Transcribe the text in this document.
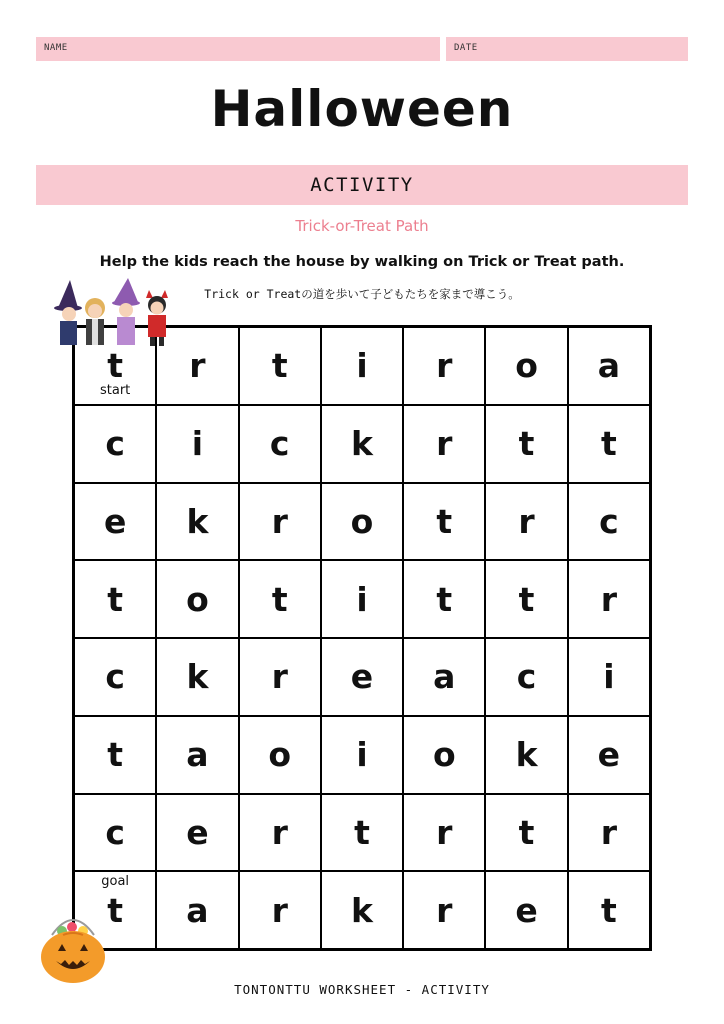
NAME	DATE
Halloween
ACTIVITY
Trick-or-Treat Path
Help the kids reach the house by walking on Trick or Treat path.
Trick or Treatの道を歩いて子どもたちを家まで導こう。
t
start
r t i r o a
c i c k r t t
e k r o t r c
t o t i t t r
c k r e a c i
t a o i o k e
c e r t r t r
t
goal
a r k r e t
TONTONTTU WORKSHEET - ACTIVITY
